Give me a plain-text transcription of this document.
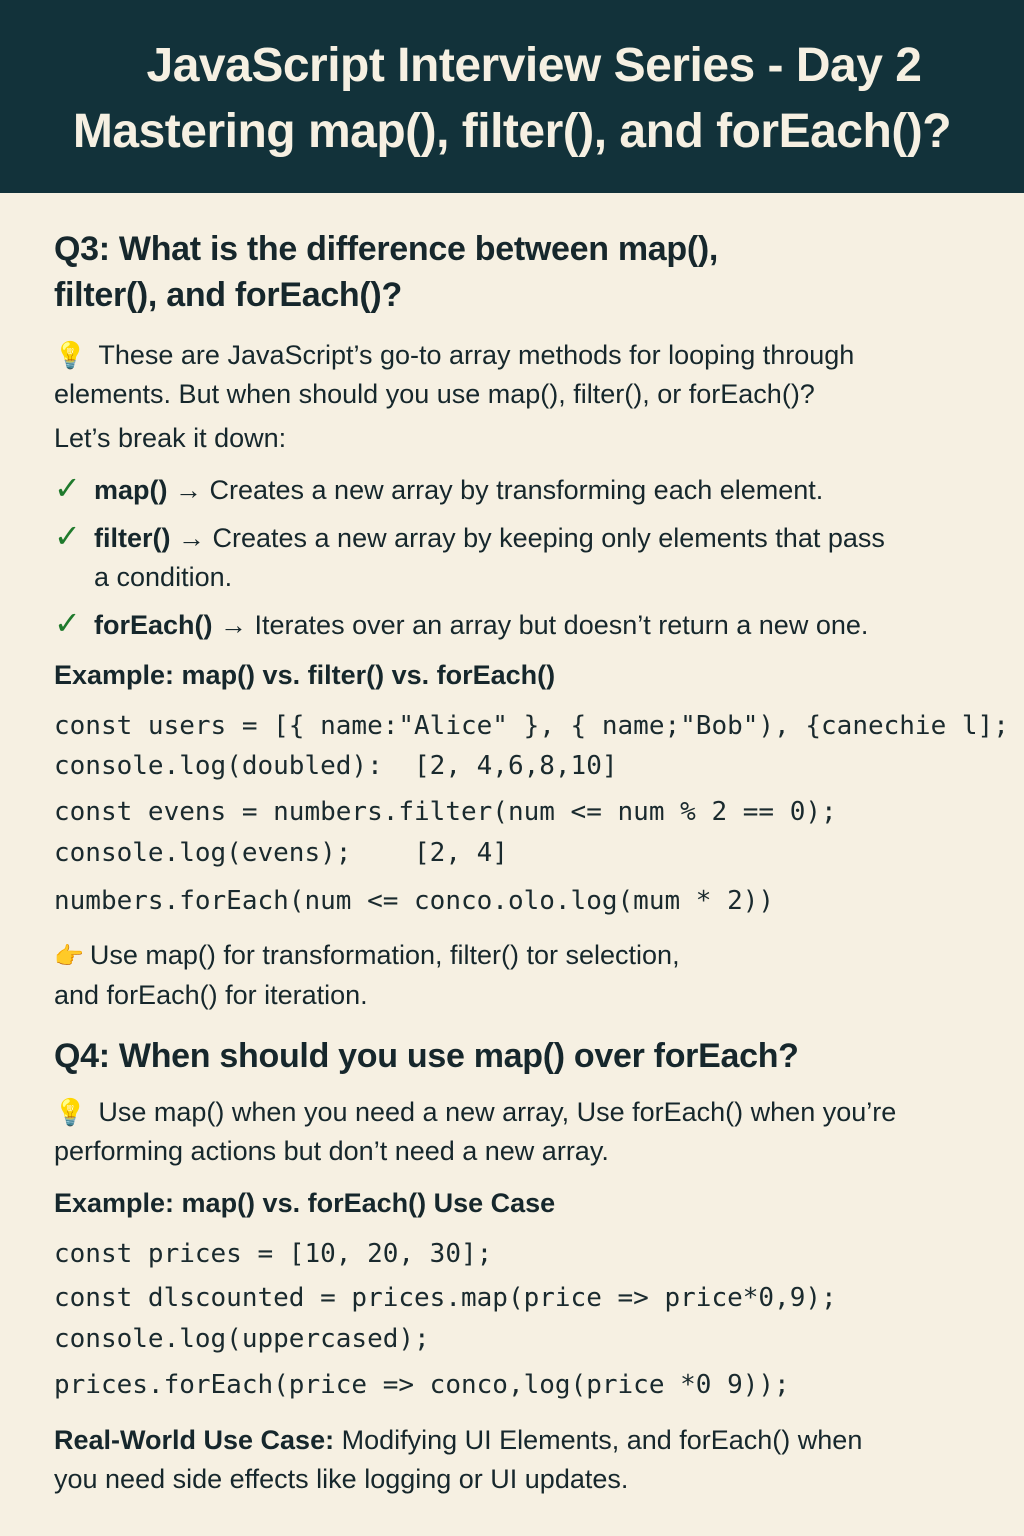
JavaScript Interview Series - Day 2
Mastering map(), filter(), and forEach()?
Q3: What is the difference between map(),
filter(), and forEach()?
💡 These are JavaScript’s go-to array methods for looping through
elements. But when should you use map(), filter(), or forEach()?
Let’s break it down:
✓ map() → Creates a new array by transforming each element.
✓ filter() → Creates a new array by keeping only elements that pass
a condition.
✓ forEach() → Iterates over an array but doesn’t return a new one.
Example: map() vs. filter() vs. forEach()
const users = [{ name:"Alice" }, { name;"Bob"), {canechie l];
console.log(doubled):  [2, 4,6,8,10]
const evens = numbers.filter(num <= num % 2 == 0);
console.log(evens);    [2, 4]
numbers.forEach(num <= conco.olo.log(mum * 2))
👉 Use map() for transformation, filter() tor selection,
and forEach() for iteration.
Q4: When should you use map() over forEach?
💡 Use map() when you need a new array, Use forEach() when you’re
performing actions but don’t need a new array.
Example: map() vs. forEach() Use Case
const prices = [10, 20, 30];
const dlscounted = prices.map(price => price*0,9);
console.log(uppercased);
prices.forEach(price => conco,log(price *0 9));
Real-World Use Case: Modifying UI Elements, and forEach() when
you need side effects like logging or UI updates.
